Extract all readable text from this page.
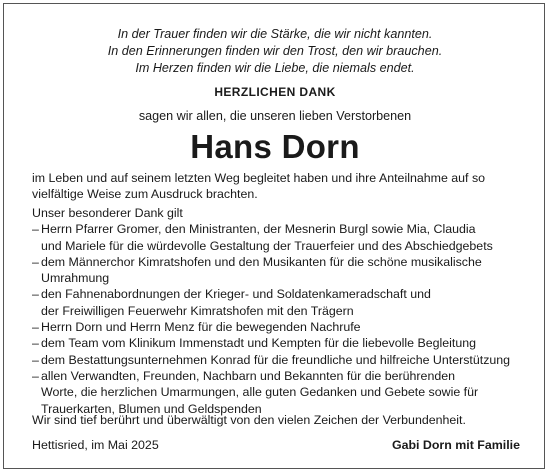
In der Trauer finden wir die Stärke, die wir nicht kannten.
In den Erinnerungen finden wir den Trost, den wir brauchen.
Im Herzen finden wir die Liebe, die niemals endet.
HERZLICHEN DANK
sagen wir allen, die unseren lieben Verstorbenen
Hans Dorn
im Leben und auf seinem letzten Weg begleitet haben und ihre Anteilnahme auf so
vielfältige Weise zum Ausdruck brachten.
Unser besonderer Dank gilt
– Herrn Pfarrer Gromer, den Ministranten, der Mesnerin Burgl sowie Mia, Claudia
und Mariele für die würdevolle Gestaltung der Trauerfeier und des Abschiedgebets
– dem Männerchor Kimratshofen und den Musikanten für die schöne musikalische
Umrahmung
– den Fahnenabordnungen der Krieger- und Soldatenkameradschaft und
der Freiwilligen Feuerwehr Kimratshofen mit den Trägern
– Herrn Dorn und Herrn Menz für die bewegenden Nachrufe
– dem Team vom Klinikum Immenstadt und Kempten für die liebevolle Begleitung
– dem Bestattungsunternehmen Konrad für die freundliche und hilfreiche Unterstützung
– allen Verwandten, Freunden, Nachbarn und Bekannten für die berührenden
Worte, die herzlichen Umarmungen, alle guten Gedanken und Gebete sowie für
Trauerkarten, Blumen und Geldspenden
Wir sind tief berührt und überwältigt von den vielen Zeichen der Verbundenheit.
Hettisried, im Mai 2025	Gabi Dorn mit Familie
